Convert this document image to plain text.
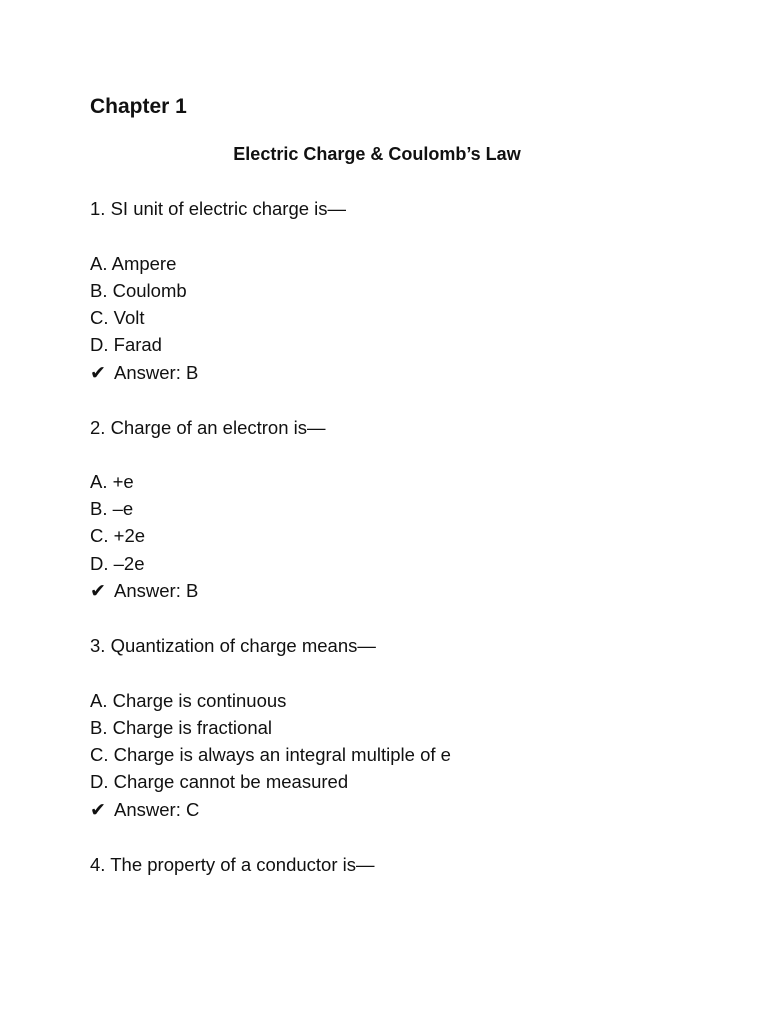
Chapter 1
Electric Charge & Coulomb’s Law
1. SI unit of electric charge is—
A. Ampere
B. Coulomb
C. Volt
D. Farad
✔ Answer: B
2. Charge of an electron is—
A. +e
B. –e
C. +2e
D. –2e
✔ Answer: B
3. Quantization of charge means—
A. Charge is continuous
B. Charge is fractional
C. Charge is always an integral multiple of e
D. Charge cannot be measured
✔ Answer: C
4. The property of a conductor is—
